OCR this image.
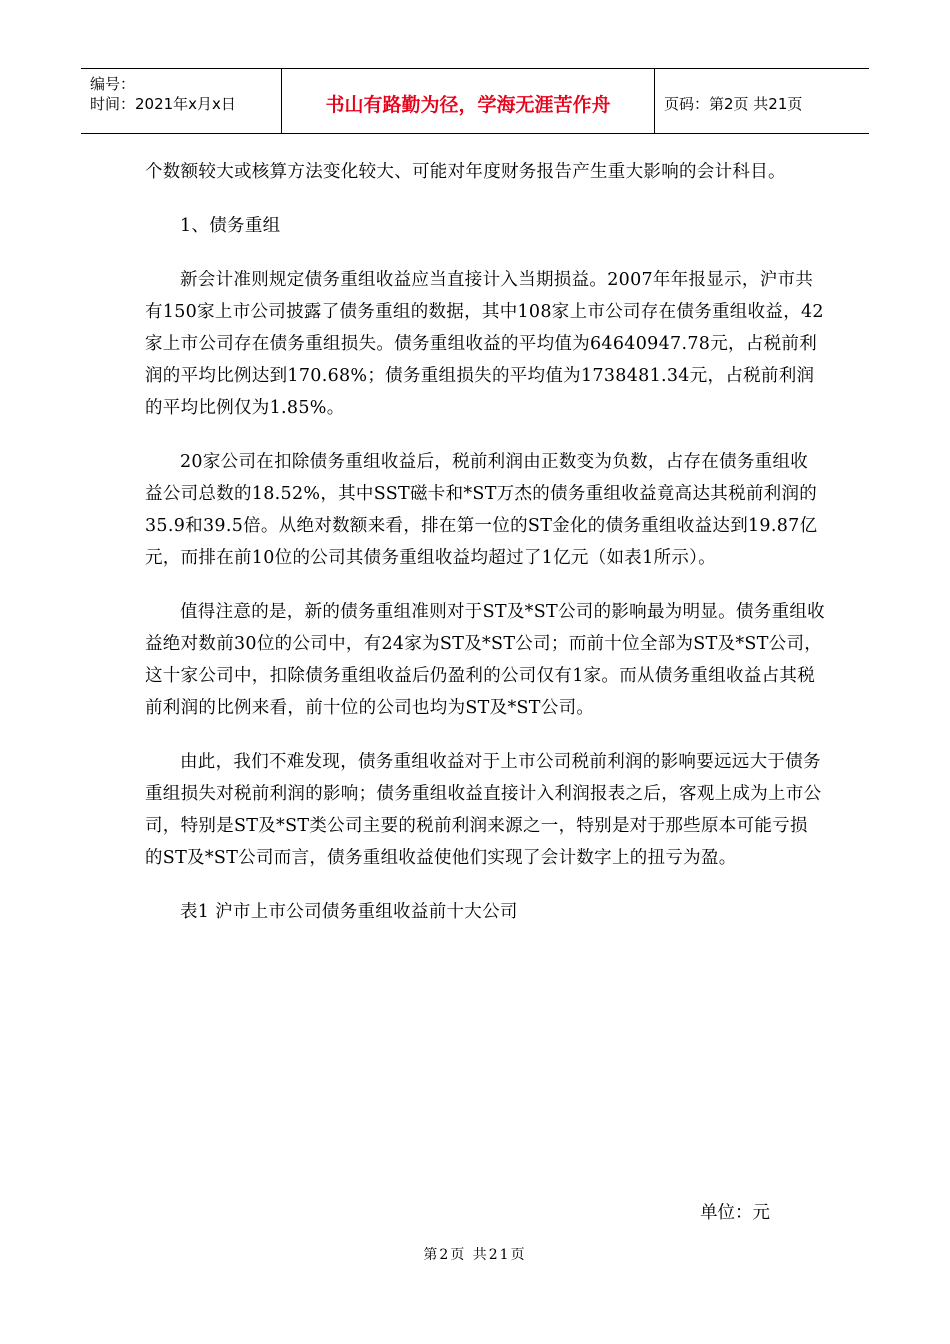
编号：
时间：2021年x月x日	书山有路勤为径，学海无涯苦作舟	页码：第2页 共21页

个数额较大或核算方法变化较大、可能对年度财务报告产生重大影响的会计科目。

1、债务重组

新会计准则规定债务重组收益应当直接计入当期损益。2007年年报显示，沪市共有150家上市公司披露了债务重组的数据，其中108家上市公司存在债务重组收益，42家上市公司存在债务重组损失。债务重组收益的平均值为64640947.78元，占税前利润的平均比例达到170.68%；债务重组损失的平均值为1738481.34元，占税前利润的平均比例仅为1.85%。

20家公司在扣除债务重组收益后，税前利润由正数变为负数，占存在债务重组收益公司总数的18.52%，其中SST磁卡和*ST万杰的债务重组收益竟高达其税前利润的35.9和39.5倍。从绝对数额来看，排在第一位的ST金化的债务重组收益达到19.87亿元，而排在前10位的公司其债务重组收益均超过了1亿元（如表1所示）。

值得注意的是，新的债务重组准则对于ST及*ST公司的影响最为明显。债务重组收益绝对数前30位的公司中，有24家为ST及*ST公司；而前十位全部为ST及*ST公司，这十家公司中，扣除债务重组收益后仍盈利的公司仅有1家。而从债务重组收益占其税前利润的比例来看，前十位的公司也均为ST及*ST公司。

由此，我们不难发现，债务重组收益对于上市公司税前利润的影响要远远大于债务重组损失对税前利润的影响；债务重组收益直接计入利润报表之后，客观上成为上市公司，特别是ST及*ST类公司主要的税前利润来源之一，特别是对于那些原本可能亏损的ST及*ST公司而言，债务重组收益使他们实现了会计数字上的扭亏为盈。

表1 沪市上市公司债务重组收益前十大公司

单位：元
第2页 共21页
